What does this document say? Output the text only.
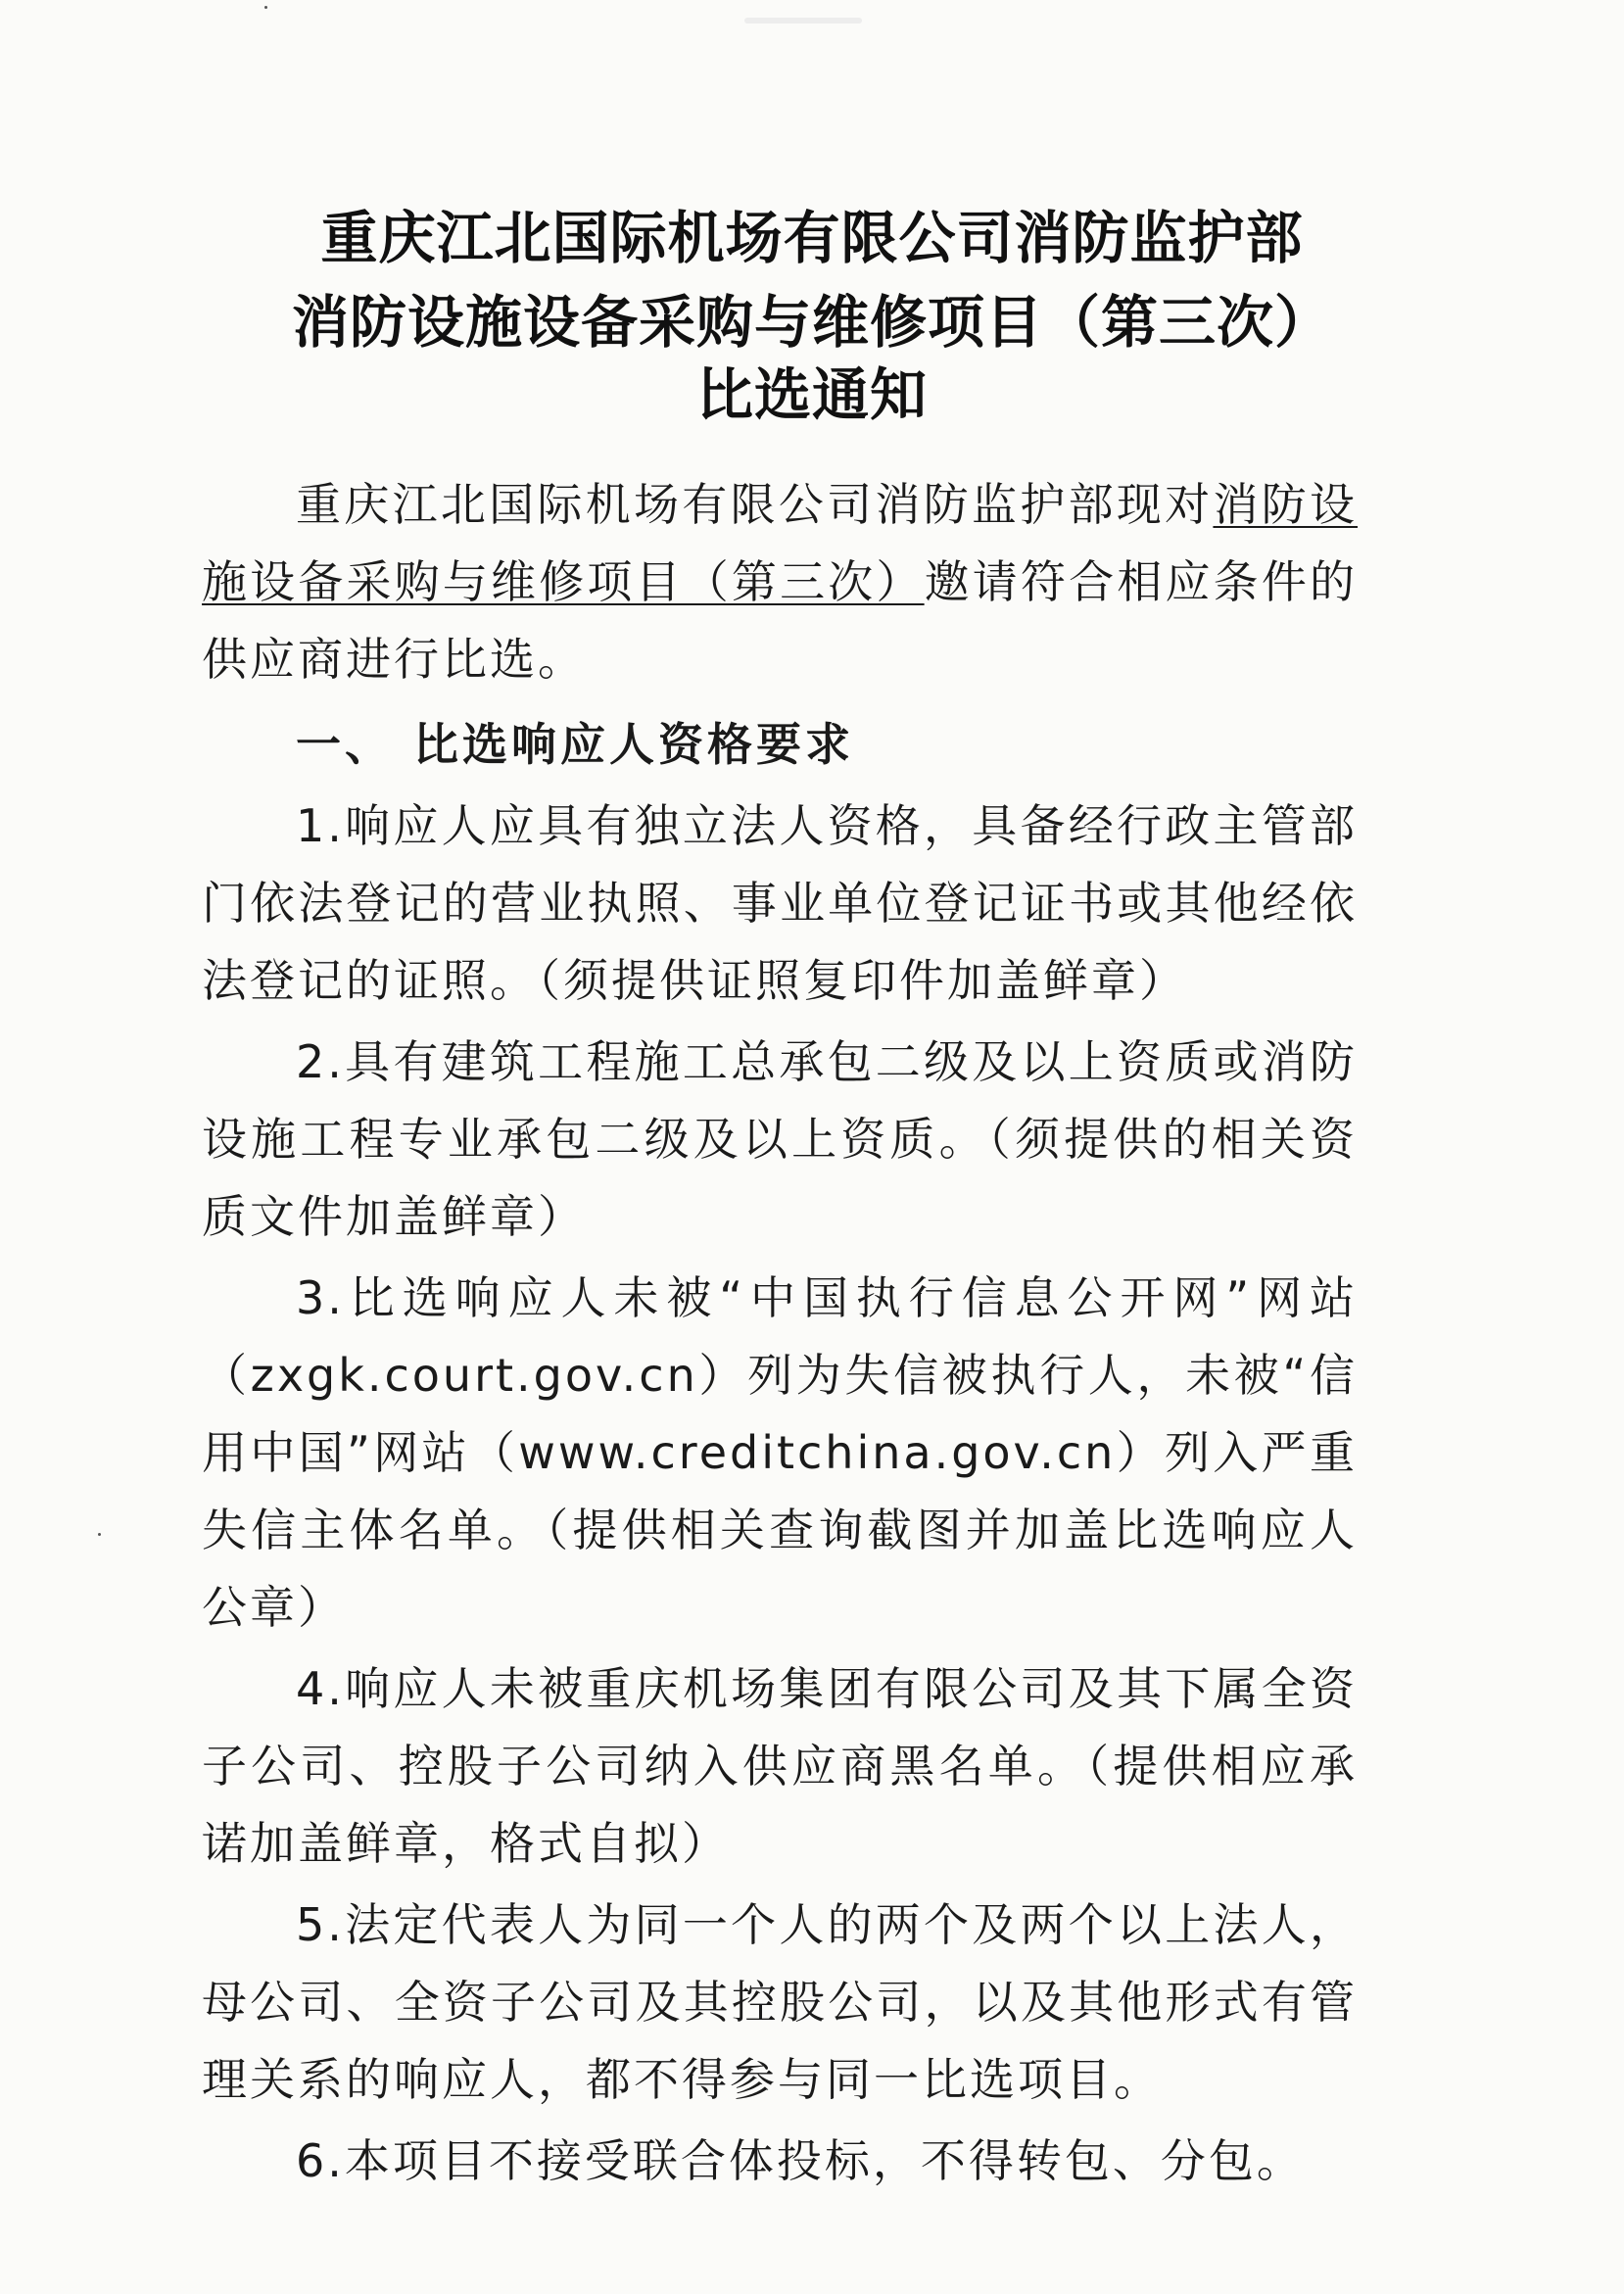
重庆江北国际机场有限公司消防监护部
消防设施设备采购与维修项目（第三次）
比选通知

重庆江北国际机场有限公司消防监护部现对消防设施设备采购与维修项目（第三次）邀请符合相应条件的供应商进行比选。

一、 比选响应人资格要求

1.响应人应具有独立法人资格，具备经行政主管部门依法登记的营业执照、事业单位登记证书或其他经依法登记的证照。（须提供证照复印件加盖鲜章）

2.具有建筑工程施工总承包二级及以上资质或消防设施工程专业承包二级及以上资质。（须提供的相关资质文件加盖鲜章）

3.比选响应人未被“中国执行信息公开网”网站（zxgk.court.gov.cn）列为失信被执行人，未被“信用中国”网站（www.creditchina.gov.cn）列入严重失信主体名单。（提供相关查询截图并加盖比选响应人公章）

4.响应人未被重庆机场集团有限公司及其下属全资子公司、控股子公司纳入供应商黑名单。（提供相应承诺加盖鲜章，格式自拟）

5.法定代表人为同一个人的两个及两个以上法人，母公司、全资子公司及其控股公司，以及其他形式有管理关系的响应人，都不得参与同一比选项目。

6.本项目不接受联合体投标，不得转包、分包。
